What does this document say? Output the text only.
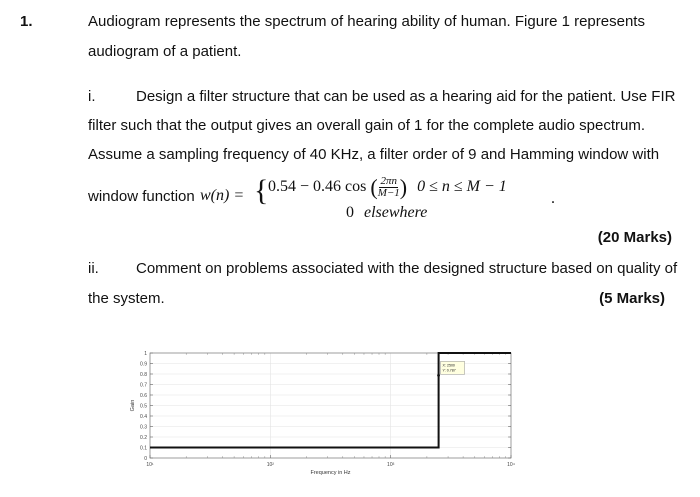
1.	Audiogram represents the spectrum of hearing ability of human. Figure 1 represents
audiogram of a patient.
i.	Design a filter structure that can be used as a hearing aid for the patient. Use FIR
filter such that the output gives an overall gain of 1 for the complete audio spectrum.
Assume a sampling frequency of 40 KHz, a filter order of 9 and Hamming window with
window function w(n) = { 0.54 − 0.46 cos ( $\frac{2\pi n}{M-1}$ ) 0 ≤ n ≤ M − 1
0 elsewhere
.
(20 Marks)
ii. Comment on problems associated with the designed structure based on quality of
the system.	(5 Marks)
0
0.1
0.2
0.3
0.4
0.5
0.6
0.7
0.8
0.9
1
10¹	10²	10³	10⁴
X: 2500
Y: 0.787
Frequency in Hz
Gain
